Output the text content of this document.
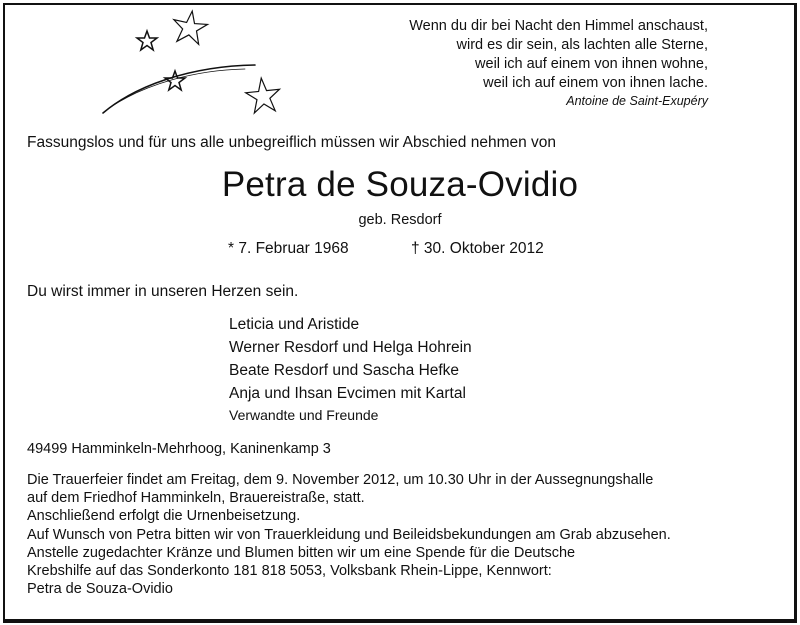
Wenn du dir bei Nacht den Himmel anschaust,
wird es dir sein, als lachten alle Sterne,
weil ich auf einem von ihnen wohne,
weil ich auf einem von ihnen lache.
Antoine de Saint-Exupéry
Fassungslos und für uns alle unbegreiflich müssen wir Abschied nehmen von
Petra de Souza-Ovidio
geb. Resdorf
* 7. Februar 1968	† 30. Oktober 2012
Du wirst immer in unseren Herzen sein.
Leticia und Aristide
Werner Resdorf und Helga Hohrein
Beate Resdorf und Sascha Hefke
Anja und Ihsan Evcimen mit Kartal
Verwandte und Freunde
49499 Hamminkeln-Mehrhoog, Kaninenkamp 3
Die Trauerfeier findet am Freitag, dem 9. November 2012, um 10.30 Uhr in der Aussegnungshalle
auf dem Friedhof Hamminkeln, Brauereistraße, statt.
Anschließend erfolgt die Urnenbeisetzung.
Auf Wunsch von Petra bitten wir von Trauerkleidung und Beileidsbekundungen am Grab abzusehen.
Anstelle zugedachter Kränze und Blumen bitten wir um eine Spende für die Deutsche
Krebshilfe auf das Sonderkonto 181 818 5053, Volksbank Rhein-Lippe, Kennwort:
Petra de Souza-Ovidio
